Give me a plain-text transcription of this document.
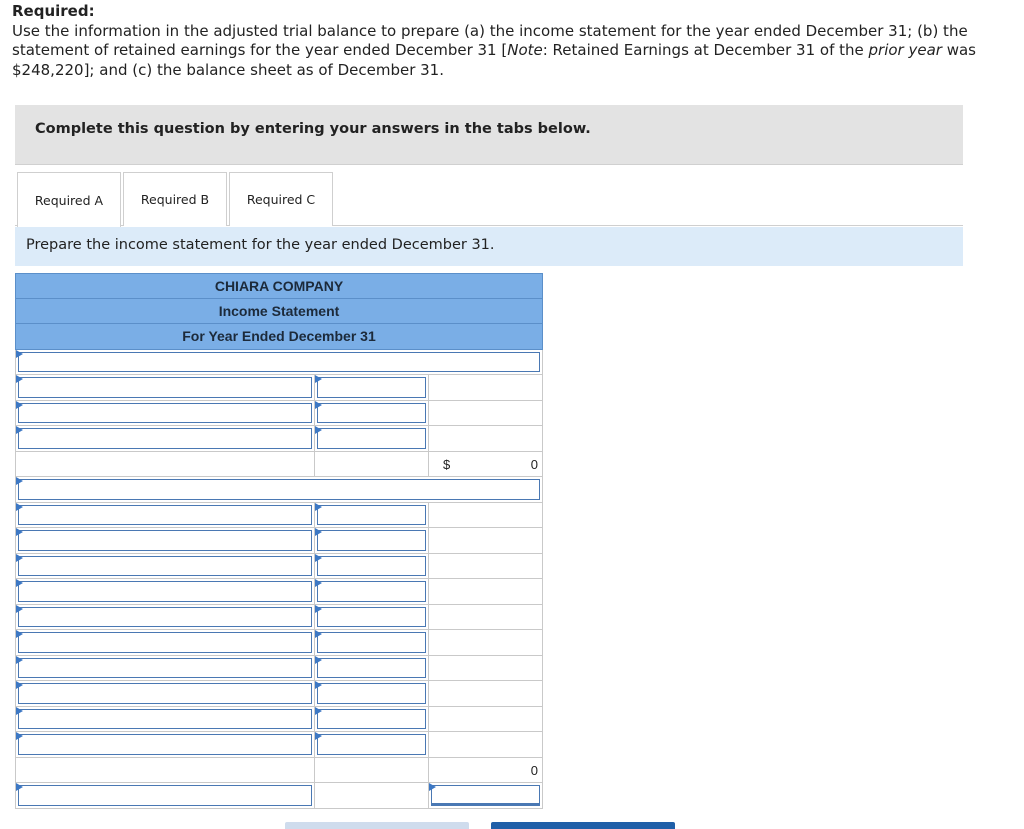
Required:
Use the information in the adjusted trial balance to prepare (a) the income statement for the year ended December 31; (b) the statement of retained earnings for the year ended December 31 [Note: Retained Earnings at December 31 of the prior year was $248,220]; and (c) the balance sheet as of December 31.
Complete this question by entering your answers in the tabs below.
Required A	Required B	Required C
Prepare the income statement for the year ended December 31.
CHIARA COMPANY
Income Statement
For Year Ended December 31
$	0
0
